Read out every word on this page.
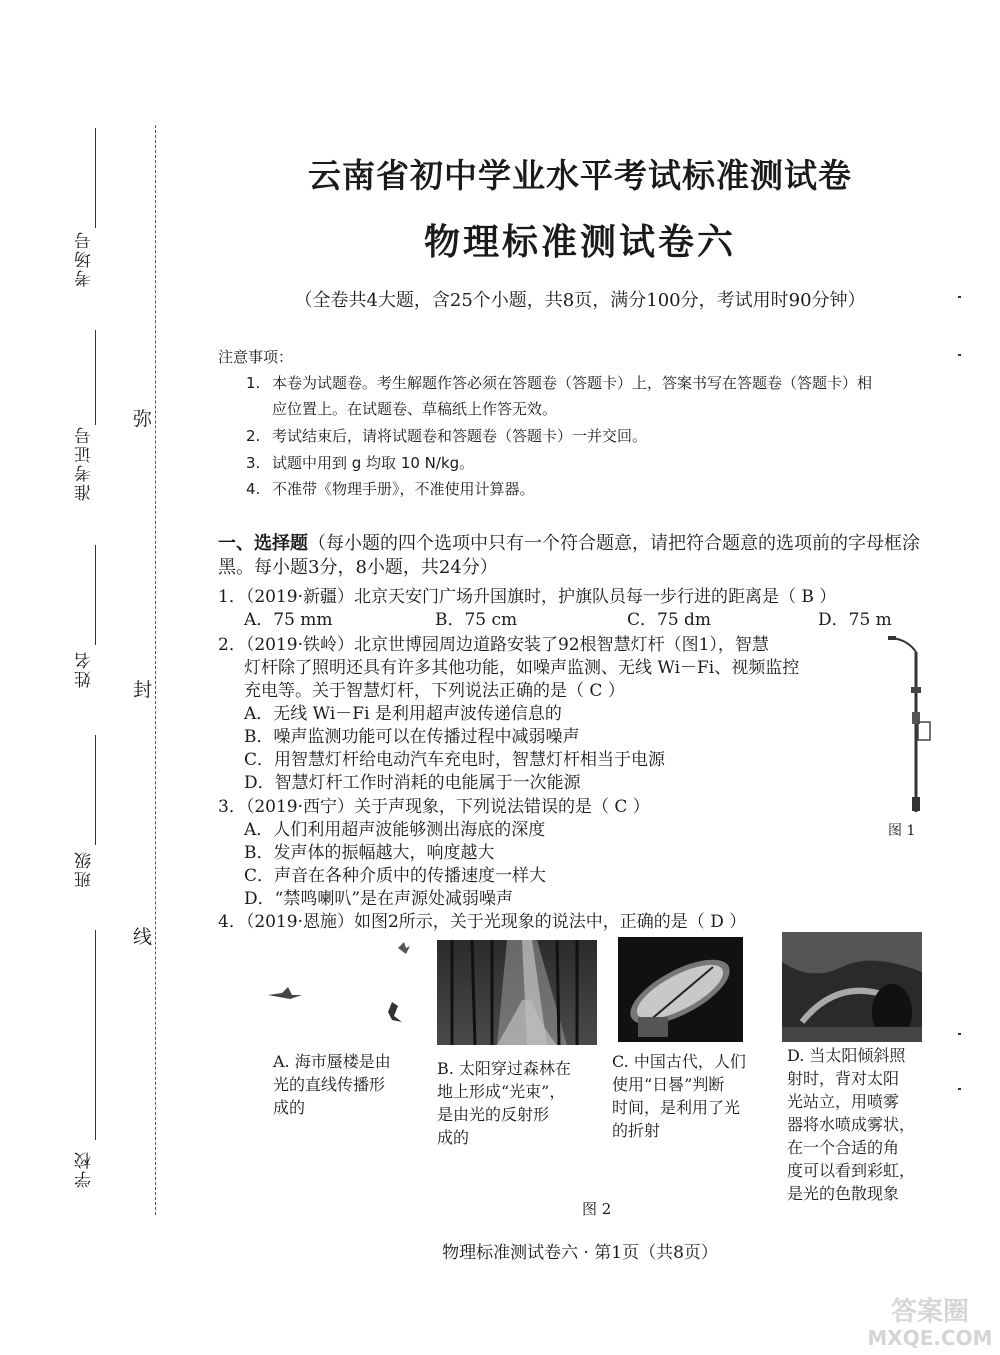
考场号
准考证号
姓名
班级
学校
弥
封
线
云南省初中学业水平考试标准测试卷
物理标准测试卷六
（全卷共4大题，含25个小题，共8页，满分100分，考试用时90分钟）
注意事项：
1. 本卷为试题卷。考生解题作答必须在答题卷（答题卡）上，答案书写在答题卷（答题卡）相
应位置上。在试题卷、草稿纸上作答无效。
2. 考试结束后，请将试题卷和答题卷（答题卡）一并交回。
3. 试题中用到 g 均取 10 N/kg。
4. 不准带《物理手册》，不准使用计算器。
一、选择题（每小题的四个选项中只有一个符合题意，请把符合题意的选项前的字母框涂黑。每小题3分，8小题，共24分）
1．（2019·新疆）北京天安门广场升国旗时，护旗队员每一步行进的距离是（ B ）
A．75 mm	B．75 cm	C．75 dm	D．75 m
2．（2019·铁岭）北京世博园周边道路安装了92根智慧灯杆（图1），智慧
灯杆除了照明还具有许多其他功能，如噪声监测、无线 Wi－Fi、视频监控
充电等。关于智慧灯杆，下列说法正确的是（ C ）
A．无线 Wi－Fi 是利用超声波传递信息的
B．噪声监测功能可以在传播过程中减弱噪声
C．用智慧灯杆给电动汽车充电时，智慧灯杆相当于电源
D．智慧灯杆工作时消耗的电能属于一次能源
图 1
3．（2019·西宁）关于声现象，下列说法错误的是（ C ）
A．人们利用超声波能够测出海底的深度
B．发声体的振幅越大，响度越大
C．声音在各种介质中的传播速度一样大
D．“禁鸣喇叭”是在声源处减弱噪声
4．（2019·恩施）如图2所示，关于光现象的说法中，正确的是（ D ）
A. 海市蜃楼是由
光的直线传播形
成的
B. 太阳穿过森林在
地上形成“光束”，
是由光的反射形
成的
C. 中国古代，人们
使用“日晷”判断
时间，是利用了光
的折射
D. 当太阳倾斜照
射时，背对太阳
光站立，用喷雾
器将水喷成雾状，
在一个合适的角
度可以看到彩虹，
是光的色散现象
图 2
物理标准测试卷六 · 第1页（共8页）
答案圈
MXQE.COM
